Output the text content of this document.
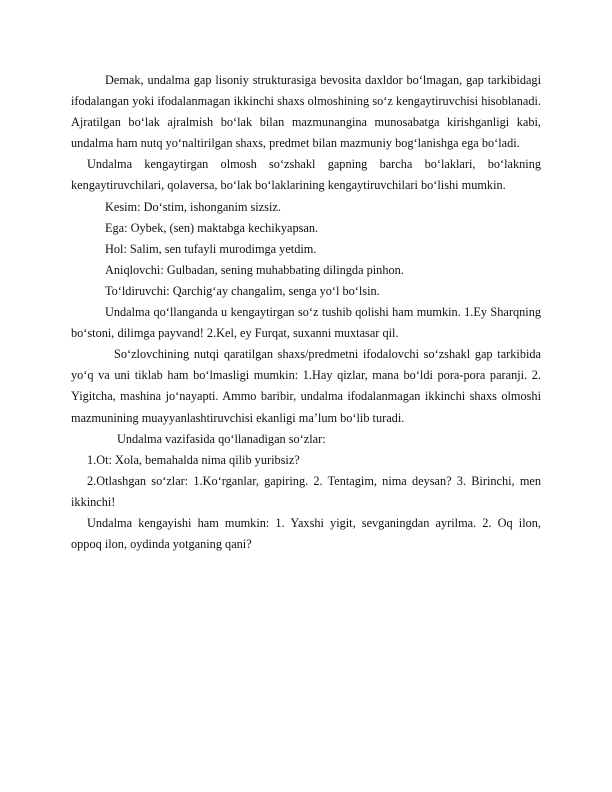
Demak, undalma gap lisoniy strukturasiga bevosita daxldor bo‘lmagan, gap tarkibidagi ifodalangan yoki ifodalanmagan ikkinchi shaxs olmoshining so‘z kengaytiruvchisi hisoblanadi. Ajratilgan bo‘lak ajralmish bo‘lak bilan mazmunangina munosabatga kirishganligi kabi, undalma ham nutq yo‘naltirilgan shaxs, predmet bilan mazmuniy bog‘lanishga ega bo‘ladi.

Undalma kengaytirgan olmosh so‘zshakl gapning barcha bo‘laklari, bo‘lakning kengaytiruvchilari, qolaversa, bo‘lak bo‘laklarining kengaytiruvchilari bo‘lishi mumkin.

Kesim: Do‘stim, ishonganim sizsiz.

Ega: Oybek, (sen) maktabga kechikyapsan.

Hol: Salim, sen tufayli murodimga yetdim.

Aniqlovchi: Gulbadan, sening muhabbating dilingda pinhon.

To‘ldiruvchi: Qarchig‘ay changalim, senga yo‘l bo‘lsin.

Undalma qo‘llanganda u kengaytirgan so‘z tushib qolishi ham mumkin. 1.Ey Sharqning bo‘stoni, dilimga payvand! 2.Kel, ey Furqat, suxanni muxtasar qil.

So‘zlovchining nutqi qaratilgan shaxs/predmetni ifodalovchi so‘zshakl gap tarkibida yo‘q va uni tiklab ham bo‘lmasligi mumkin: 1.Hay qizlar, mana bo‘ldi pora-pora paranji. 2. Yigitcha, mashina jo‘nayapti. Ammo baribir, undalma ifodalanmagan ikkinchi shaxs olmoshi mazmunining muayyanlashtiruvchisi ekanligi ma’lum bo‘lib turadi.

Undalma vazifasida qo‘llanadigan so‘zlar:

1.Ot: Xola, bemahalda nima qilib yuribsiz?

2.Otlashgan so‘zlar: 1.Ko‘rganlar, gapiring. 2. Tentagim, nima deysan? 3. Birinchi, men ikkinchi!

Undalma kengayishi ham mumkin: 1. Yaxshi yigit, sevganingdan ayrilma. 2. Oq ilon, oppoq ilon, oydinda yotganing qani?
